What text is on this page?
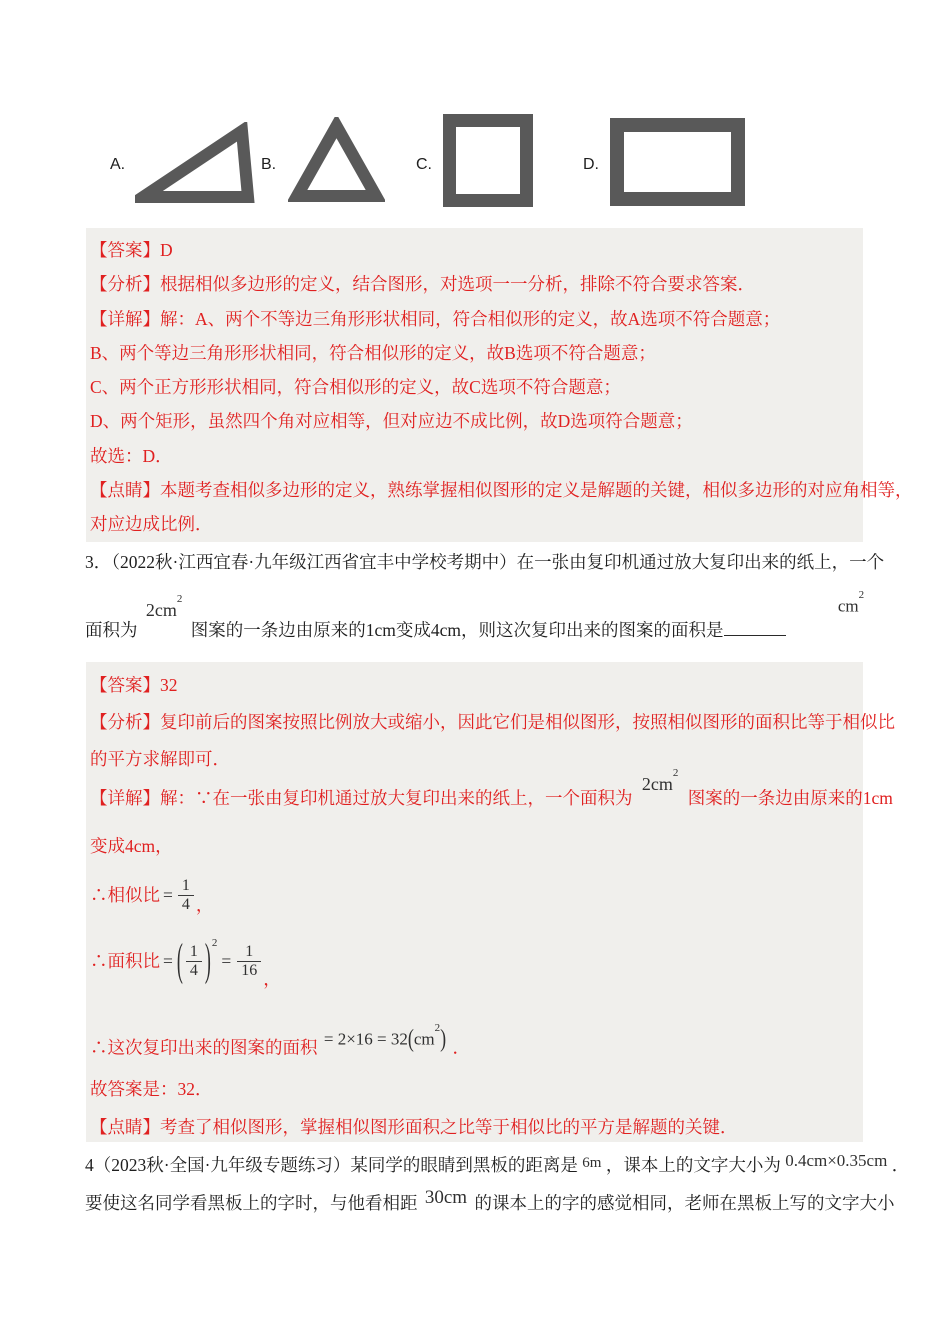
A.	B.	C.	D.
【答案】D
【分析】根据相似多边形的定义，结合图形，对选项一一分析，排除不符合要求答案．
【详解】解：A、两个不等边三角形形状相同，符合相似形的定义，故A选项不符合题意；
B、两个等边三角形形状相同，符合相似形的定义，故B选项不符合题意；
C、两个正方形形状相同，符合相似形的定义，故C选项不符合题意；
D、两个矩形，虽然四个角对应相等，但对应边不成比例，故D选项符合题意；
故选：D．
【点睛】本题考查相似多边形的定义，熟练掌握相似图形的定义是解题的关键，相似多边形的对应角相等，
对应边成比例．
3．（2022秋·江西宜春·九年级江西省宜丰中学校考期中）在一张由复印机通过放大复印出来的纸上，一个
面积为 $2cm^2$ 图案的一条边由原来的1cm变成4cm，则这次复印出来的图案的面积是 $cm^2$
【答案】32
【分析】复印前后的图案按照比例放大或缩小，因此它们是相似图形，按照相似图形的面积比等于相似比
的平方求解即可．
【详解】解：∵在一张由复印机通过放大复印出来的纸上，一个面积为 $2cm^2$ 图案的一条边由原来的1cm
变成4cm，
∴相似比 = $\frac{1}{4}$ ，
∴面积比 = ( $\frac{1}{4}$ ) 2
= $\frac{1}{16}$ ，
∴这次复印出来的图案的面积 = $2\times 16 = 32(cm^2)$ ．
故答案是：32．
【点睛】考查了相似图形，掌握相似图形面积之比等于相似比的平方是解题的关键．
4（2023秋·全国·九年级专题练习）某同学的眼睛到黑板的距离是 6m ，课本上的文字大小为 0.4cm×0.35cm ．
要使这名同学看黑板上的字时，与他看相距 30cm 的课本上的字的感觉相同，老师在黑板上写的文字大小
